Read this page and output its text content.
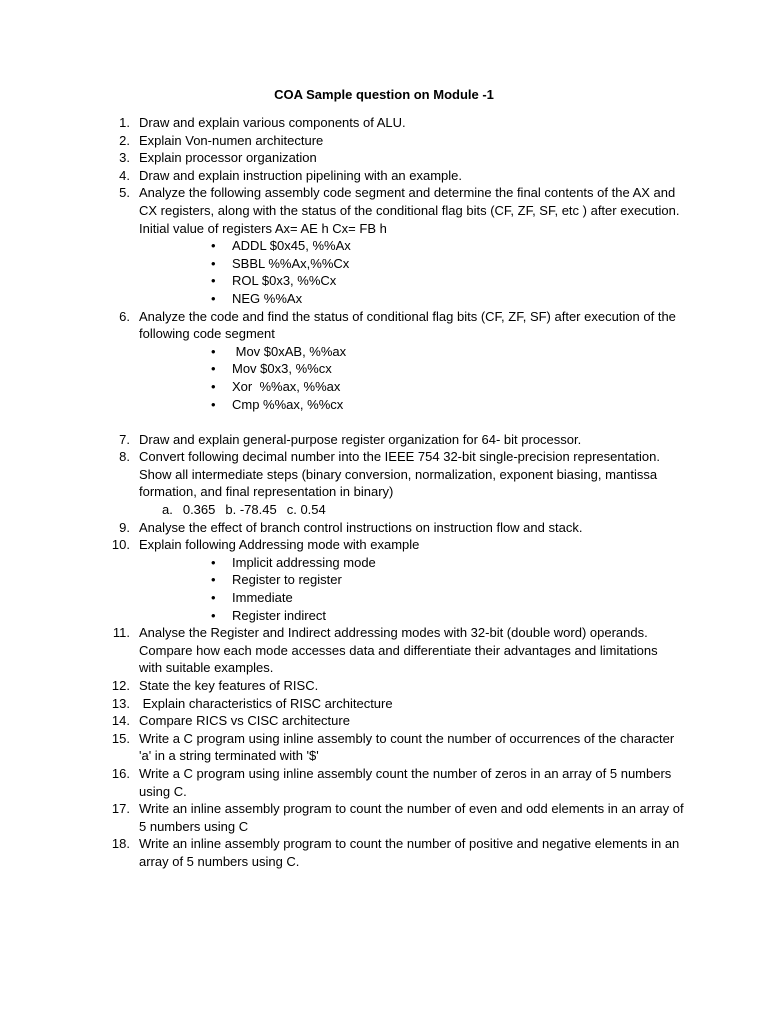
COA Sample question on Module -1
1. Draw and explain various components of ALU.
2. Explain Von-numen architecture
3. Explain processor organization
4. Draw and explain instruction pipelining with an example.
5. Analyze the following assembly code segment and determine the final contents of the AX and CX registers, along with the status of the conditional flag bits (CF, ZF, SF, etc ) after execution. Initial value of registers Ax= AE h Cx= FB h
• ADDL $0x45, %%Ax
• SBBL %%Ax,%%Cx
• ROL $0x3, %%Cx
• NEG %%Ax
6. Analyze the code and find the status of conditional flag bits (CF, ZF, SF) after execution of the following code segment
• Mov $0xAB, %%ax
• Mov $0x3, %%cx
• Xor  %%ax, %%ax
• Cmp %%ax, %%cx
7. Draw and explain general-purpose register organization for 64- bit processor.
8. Convert following decimal number into the IEEE 754 32-bit single-precision representation. Show all intermediate steps (binary conversion, normalization, exponent biasing, mantissa formation, and final representation in binary)
a. 0.365 b. -78.45 c. 0.54
9. Analyse the effect of branch control instructions on instruction flow and stack.
10. Explain following Addressing mode with example
• Implicit addressing mode
• Register to register
• Immediate
• Register indirect
11. Analyse the Register and Indirect addressing modes with 32-bit (double word) operands. Compare how each mode accesses data and differentiate their advantages and limitations with suitable examples.
12. State the key features of RISC.
13. Explain characteristics of RISC architecture
14. Compare RICS vs CISC architecture
15. Write a C program using inline assembly to count the number of occurrences of the character 'a' in a string terminated with '$'
16. Write a C program using inline assembly count the number of zeros in an array of 5 numbers using C.
17. Write an inline assembly program to count the number of even and odd elements in an array of 5 numbers using C
18. Write an inline assembly program to count the number of positive and negative elements in an array of 5 numbers using C.
